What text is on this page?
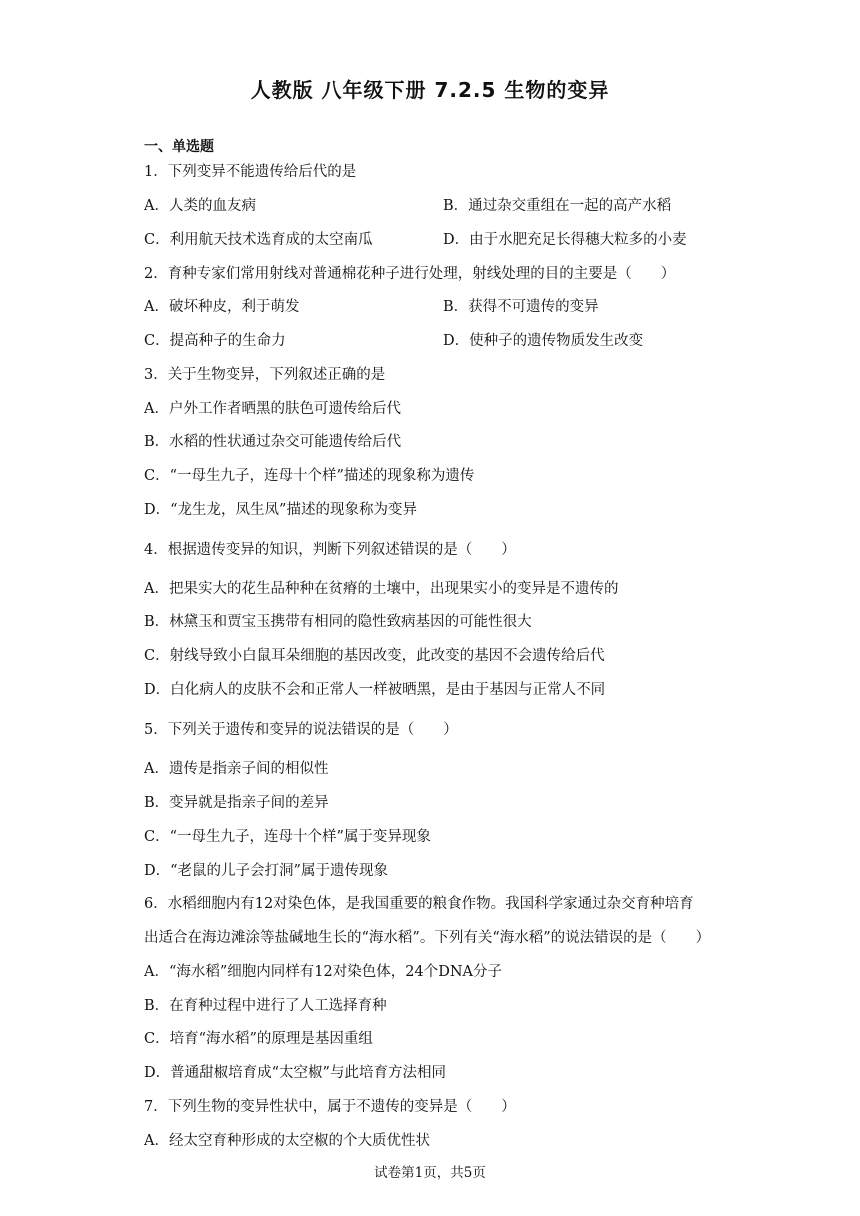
人教版 八年级下册 7.2.5 生物的变异
一、单选题
1．下列变异不能遗传给后代的是
A．人类的血友病	B．通过杂交重组在一起的高产水稻
C．利用航天技术选育成的太空南瓜	D．由于水肥充足长得穗大粒多的小麦
2．育种专家们常用射线对普通棉花种子进行处理，射线处理的目的主要是（　　）
A．破坏种皮，利于萌发	B．获得不可遗传的变异
C．提高种子的生命力	D．使种子的遗传物质发生改变
3．关于生物变异，下列叙述正确的是
A．户外工作者晒黑的肤色可遗传给后代
B．水稻的性状通过杂交可能遗传给后代
C．“一母生九子，连母十个样”描述的现象称为遗传
D．“龙生龙，凤生凤”描述的现象称为变异
4．根据遗传变异的知识，判断下列叙述错误的是（　　）
A．把果实大的花生品种种在贫瘠的土壤中，出现果实小的变异是不遗传的
B．林黛玉和贾宝玉携带有相同的隐性致病基因的可能性很大
C．射线导致小白鼠耳朵细胞的基因改变，此改变的基因不会遗传给后代
D．白化病人的皮肤不会和正常人一样被晒黑，是由于基因与正常人不同
5．下列关于遗传和变异的说法错误的是（　　）
A．遗传是指亲子间的相似性
B．变异就是指亲子间的差异
C．“一母生九子，连母十个样”属于变异现象
D．“老鼠的儿子会打洞”属于遗传现象
6．水稻细胞内有12对染色体，是我国重要的粮食作物。我国科学家通过杂交育种培育
出适合在海边滩涂等盐碱地生长的“海水稻”。下列有关“海水稻”的说法错误的是（　　）
A．“海水稻”细胞内同样有12对染色体，24个DNA分子
B．在育种过程中进行了人工选择育种
C．培育“海水稻”的原理是基因重组
D．普通甜椒培育成“太空椒”与此培育方法相同
7．下列生物的变异性状中，属于不遗传的变异是（　　）
A．经太空育种形成的太空椒的个大质优性状
试卷第1页，共5页
